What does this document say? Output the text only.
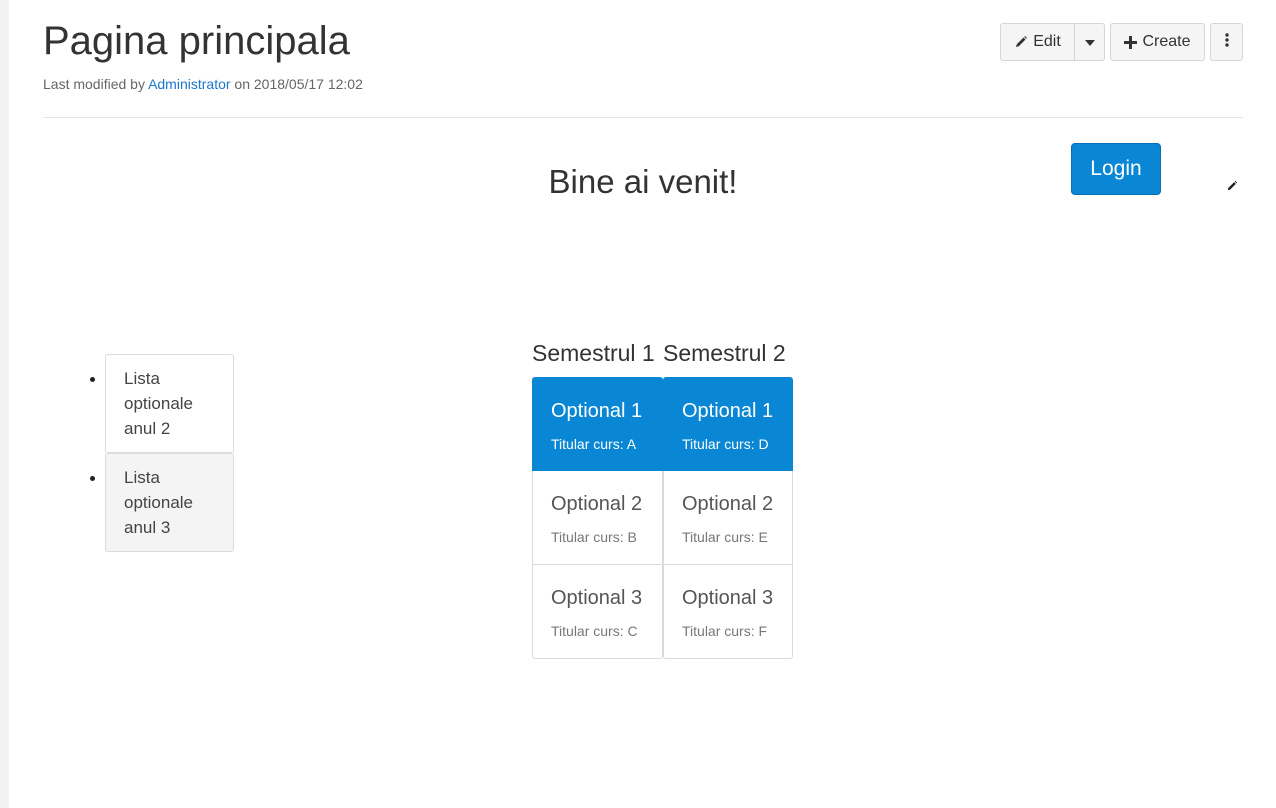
Pagina principala
Last modified by Administrator on 2018/05/17 12:02
Edit	Create
Bine ai venit!	Login
Lista optionale anul 2
Lista optionale anul 3
Semestrul 1
Optional 1
Titular curs: A
Optional 2
Titular curs: B
Optional 3
Titular curs: C
Semestrul 2
Optional 1
Titular curs: D
Optional 2
Titular curs: E
Optional 3
Titular curs: F
